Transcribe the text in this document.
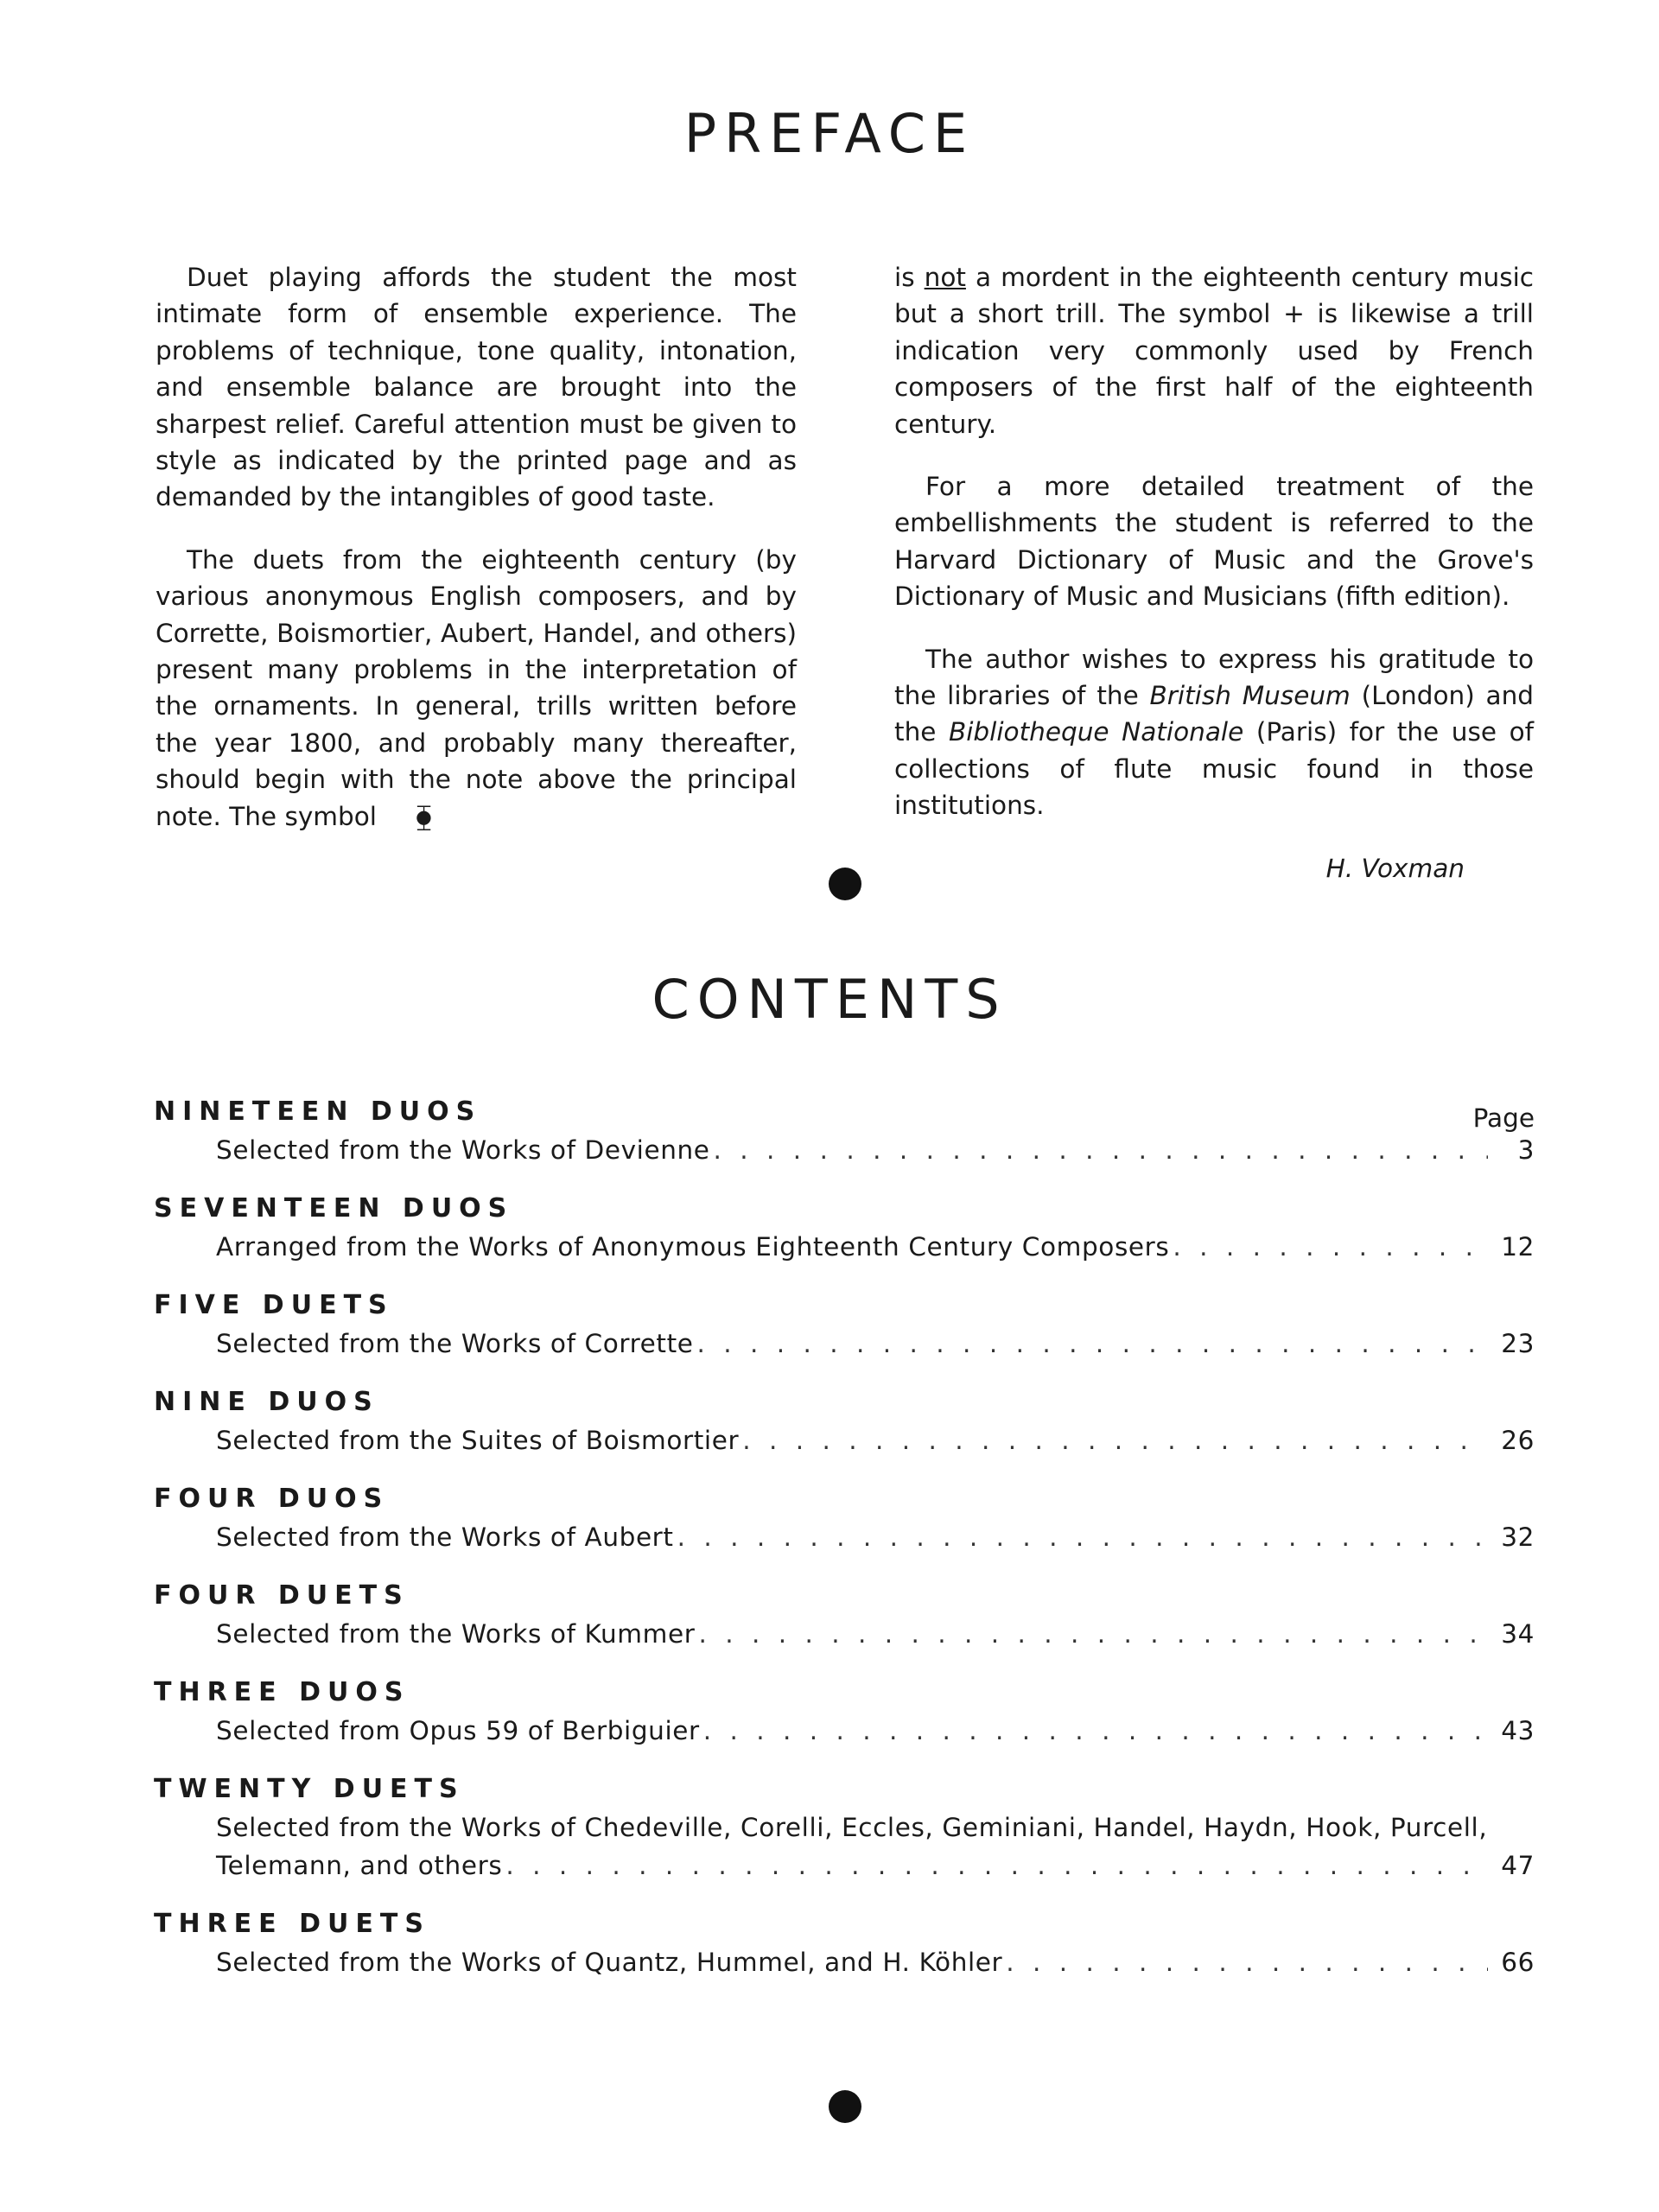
PREFACE

Duet playing affords the student the most intimate form of ensemble experience. The problems of technique, tone quality, intonation, and ensemble balance are brought into the sharpest relief. Careful attention must be given to style as indicated by the printed page and as demanded by the intangibles of good taste.

The duets from the eighteenth century (by various anonymous English composers, and by Corrette, Boismortier, Aubert, Handel, and others) present many problems in the interpretation of the ornaments. In general, trills written before the year 1800, and probably many thereafter, should begin with the note above the principal note. The symbol ⧳

is not a mordent in the eighteenth century music but a short trill. The symbol + is likewise a trill indication very commonly used by French composers of the first half of the eighteenth century.

For a more detailed treatment of the embellishments the student is referred to the Harvard Dictionary of Music and the Grove's Dictionary of Music and Musicians (fifth edition).

The author wishes to express his gratitude to the libraries of the British Museum (London) and the Bibliotheque Nationale (Paris) for the use of collections of flute music found in those institutions.

H. Voxman

CONTENTS
Page
NINETEEN DUOS
Selected from the Works of Devienne . . .	3
SEVENTEEN DUOS
Arranged from the Works of Anonymous Eighteenth Century Composers . . .	12
FIVE DUETS
Selected from the Works of Corrette . . .	23
NINE DUOS
Selected from the Suites of Boismortier . . .	26
FOUR DUOS
Selected from the Works of Aubert . . .	32
FOUR DUETS
Selected from the Works of Kummer . . .	34
THREE DUOS
Selected from Opus 59 of Berbiguier . . .	43
TWENTY DUETS
Selected from the Works of Chedeville, Corelli, Eccles, Geminiani, Handel, Haydn, Hook, Purcell,
Telemann, and others . . .	47
THREE DUETS
Selected from the Works of Quantz, Hummel, and H. Köhler . . .	66
